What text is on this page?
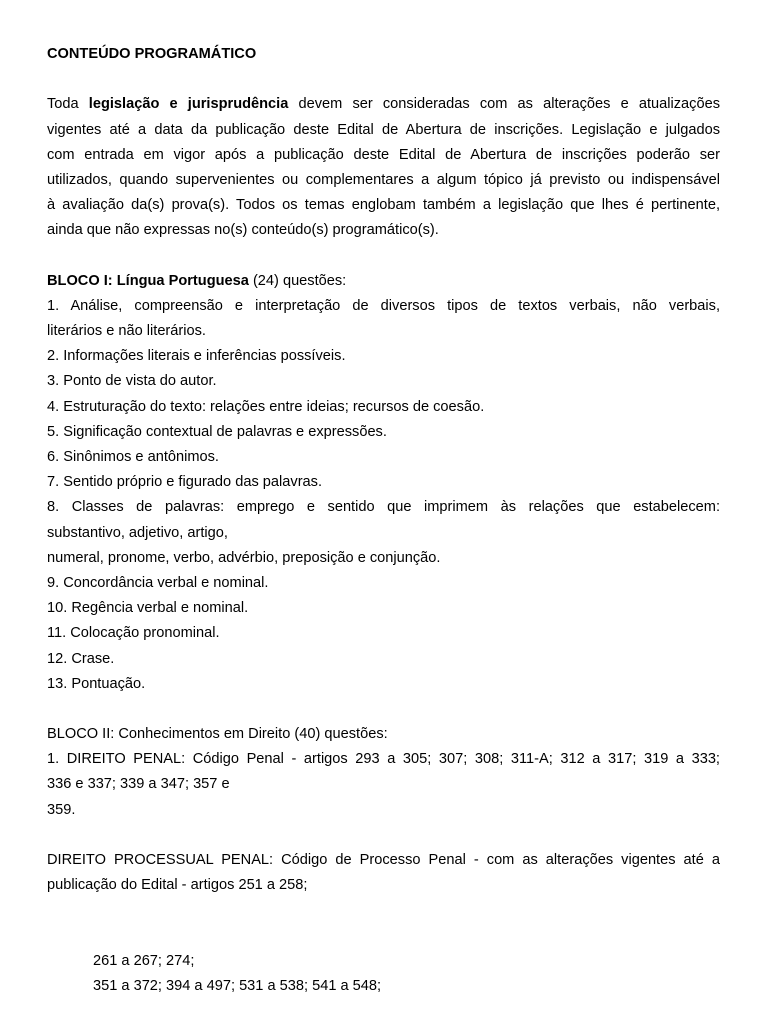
CONTEÚDO PROGRAMÁTICO
Toda legislação e jurisprudência devem ser consideradas com as alterações e atualizações
vigentes até a data da publicação deste Edital de Abertura de inscrições. Legislação e julgados
com entrada em vigor após a publicação deste Edital de Abertura de inscrições poderão ser
utilizados, quando supervenientes ou complementares a algum tópico já previsto ou indispensável
à avaliação da(s) prova(s). Todos os temas englobam também a legislação que lhes é pertinente,
ainda que não expressas no(s) conteúdo(s) programático(s).
BLOCO I: Língua Portuguesa (24) questões:
1. Análise, compreensão e interpretação de diversos tipos de textos verbais, não verbais,
literários e não literários.
2. Informações literais e inferências possíveis.
3. Ponto de vista do autor.
4. Estruturação do texto: relações entre ideias; recursos de coesão.
5. Significação contextual de palavras e expressões.
6. Sinônimos e antônimos.
7. Sentido próprio e figurado das palavras.
8. Classes de palavras: emprego e sentido que imprimem às relações que estabelecem:
substantivo, adjetivo, artigo,
numeral, pronome, verbo, advérbio, preposição e conjunção.
9. Concordância verbal e nominal.
10. Regência verbal e nominal.
11. Colocação pronominal.
12. Crase.
13. Pontuação.
BLOCO II: Conhecimentos em Direito (40) questões:
1. DIREITO PENAL: Código Penal - artigos 293 a 305; 307; 308; 311-A; 312 a 317; 319 a 333;
336 e 337; 339 a 347; 357 e
359.
DIREITO PROCESSUAL PENAL: Código de Processo Penal - com as alterações vigentes até a
publicação do Edital - artigos 251 a 258;
261 a 267; 274;
351 a 372; 394 a 497; 531 a 538; 541 a 548;
